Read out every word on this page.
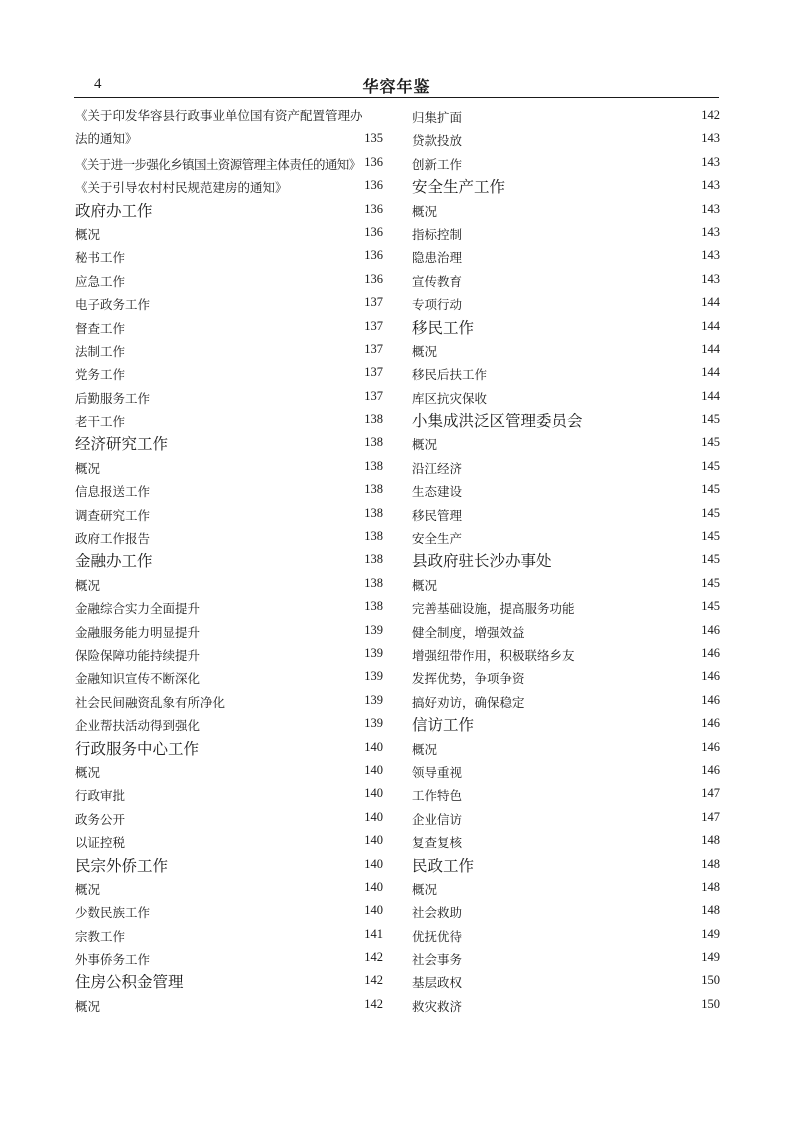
4	华容年鉴
《关于印发华容县行政事业单位国有资产配置管理办法的通知》	135
《关于进一步强化乡镇国土资源管理主体责任的通知》 136
《关于引导农村村民规范建房的通知》	136
政府办工作	136
概况	136
秘书工作	136
应急工作	136
电子政务工作	137
督查工作	137
法制工作	137
党务工作	137
后勤服务工作	137
老干工作	138
经济研究工作	138
概况	138
信息报送工作	138
调查研究工作	138
政府工作报告	138
金融办工作	138
概况	138
金融综合实力全面提升	138
金融服务能力明显提升	139
保险保障功能持续提升	139
金融知识宣传不断深化	139
社会民间融资乱象有所净化	139
企业帮扶活动得到强化	139
行政服务中心工作	140
概况	140
行政审批	140
政务公开	140
以证控税	140
民宗外侨工作	140
概况	140
少数民族工作	140
宗教工作	141
外事侨务工作	142
住房公积金管理	142
概况	142
归集扩面	142
贷款投放	143
创新工作	143
安全生产工作	143
概况	143
指标控制	143
隐患治理	143
宣传教育	143
专项行动	144
移民工作	144
概况	144
移民后扶工作	144
库区抗灾保收	144
小集成洪泛区管理委员会	145
概况	145
沿江经济	145
生态建设	145
移民管理	145
安全生产	145
县政府驻长沙办事处	145
概况	145
完善基础设施，提高服务功能	145
健全制度，增强效益	146
增强纽带作用，积极联络乡友	146
发挥优势，争项争资	146
搞好劝访，确保稳定	146
信访工作	146
概况	146
领导重视	146
工作特色	147
企业信访	147
复查复核	148
民政工作	148
概况	148
社会救助	148
优抚优待	149
社会事务	149
基层政权	150
救灾救济	150
